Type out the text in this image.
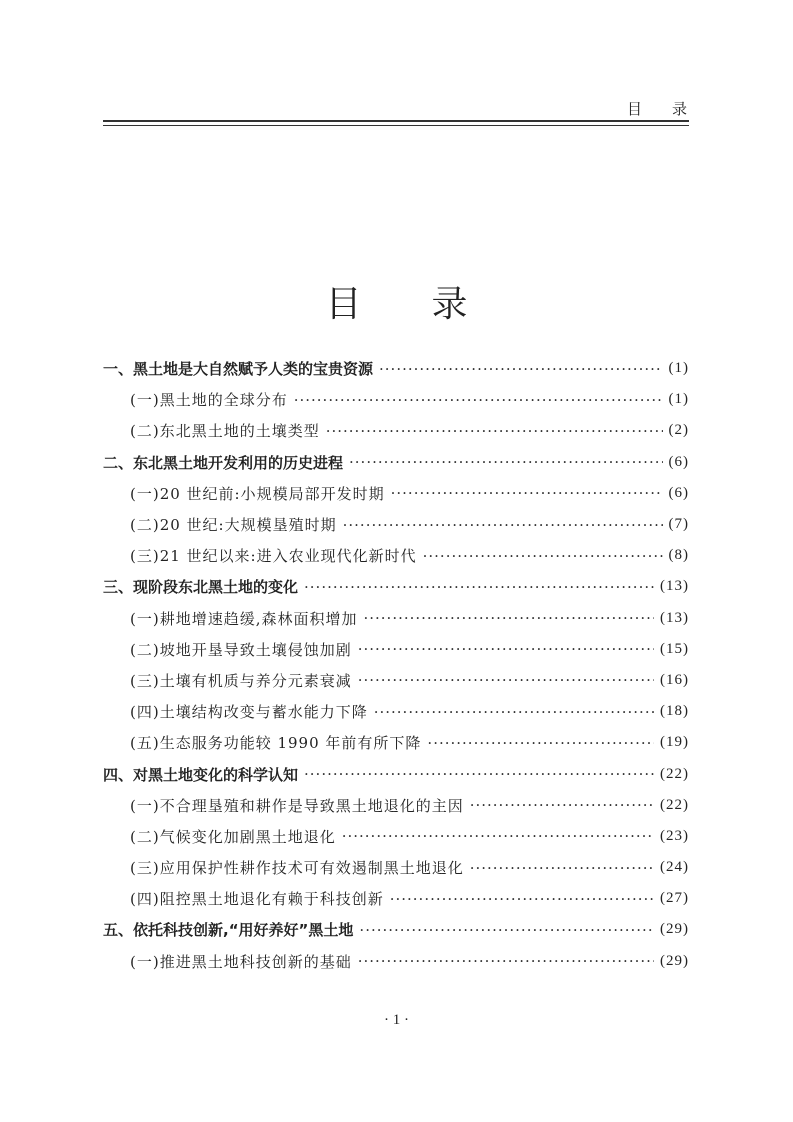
目录
目录
一、黑土地是大自然赋予人类的宝贵资源 ·····	(1)
(一)黑土地的全球分布 ·····	(1)
(二)东北黑土地的土壤类型 ·····	(2)
二、东北黑土地开发利用的历史进程 ·····	(6)
(一)20 世纪前:小规模局部开发时期 ·····	(6)
(二)20 世纪:大规模垦殖时期 ·····	(7)
(三)21 世纪以来:进入农业现代化新时代 ·····	(8)
三、现阶段东北黑土地的变化 ·····	(13)
(一)耕地增速趋缓,森林面积增加 ·····	(13)
(二)坡地开垦导致土壤侵蚀加剧 ·····	(15)
(三)土壤有机质与养分元素衰减 ·····	(16)
(四)土壤结构改变与蓄水能力下降 ·····	(18)
(五)生态服务功能较 1990 年前有所下降 ·····	(19)
四、对黑土地变化的科学认知 ·····	(22)
(一)不合理垦殖和耕作是导致黑土地退化的主因 ·····	(22)
(二)气候变化加剧黑土地退化 ·····	(23)
(三)应用保护性耕作技术可有效遏制黑土地退化 ·····	(24)
(四)阻控黑土地退化有赖于科技创新 ·····	(27)
五、依托科技创新,“用好养好”黑土地 ·····	(29)
(一)推进黑土地科技创新的基础 ·····	(29)
· 1 ·
